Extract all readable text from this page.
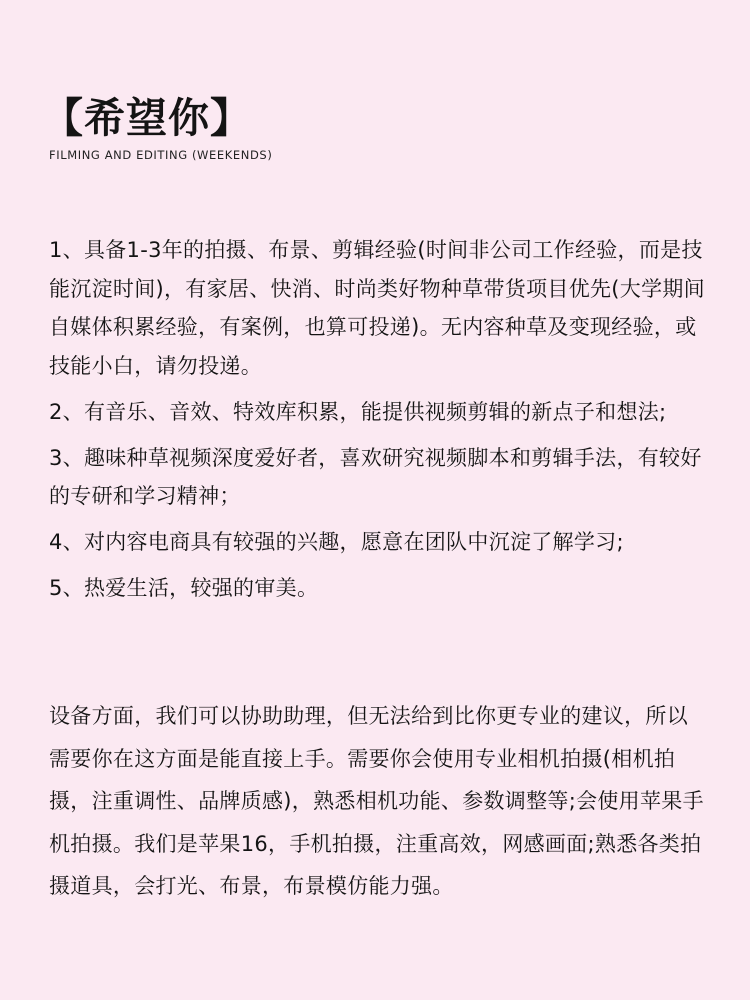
【希望你】
FILMING AND EDITING (WEEKENDS)
1、具备1-3年的拍摄、布景、剪辑经验(时间非公司工作经验，而是技能沉淀时间)，有家居、快消、时尚类好物种草带货项目优先(大学期间自媒体积累经验，有案例，也算可投递)。无内容种草及变现经验，或技能小白，请勿投递。
2、有音乐、音效、特效库积累，能提供视频剪辑的新点子和想法;
3、趣味种草视频深度爱好者，喜欢研究视频脚本和剪辑手法，有较好的专研和学习精神；
4、对内容电商具有较强的兴趣，愿意在团队中沉淀了解学习;
5、热爱生活，较强的审美。

设备方面，我们可以协助助理，但无法给到比你更专业的建议，所以需要你在这方面是能直接上手。需要你会使用专业相机拍摄(相机拍摄，注重调性、品牌质感)，熟悉相机功能、参数调整等;会使用苹果手机拍摄。我们是苹果16，手机拍摄，注重高效，网感画面;熟悉各类拍摄道具，会打光、布景，布景模仿能力强。
